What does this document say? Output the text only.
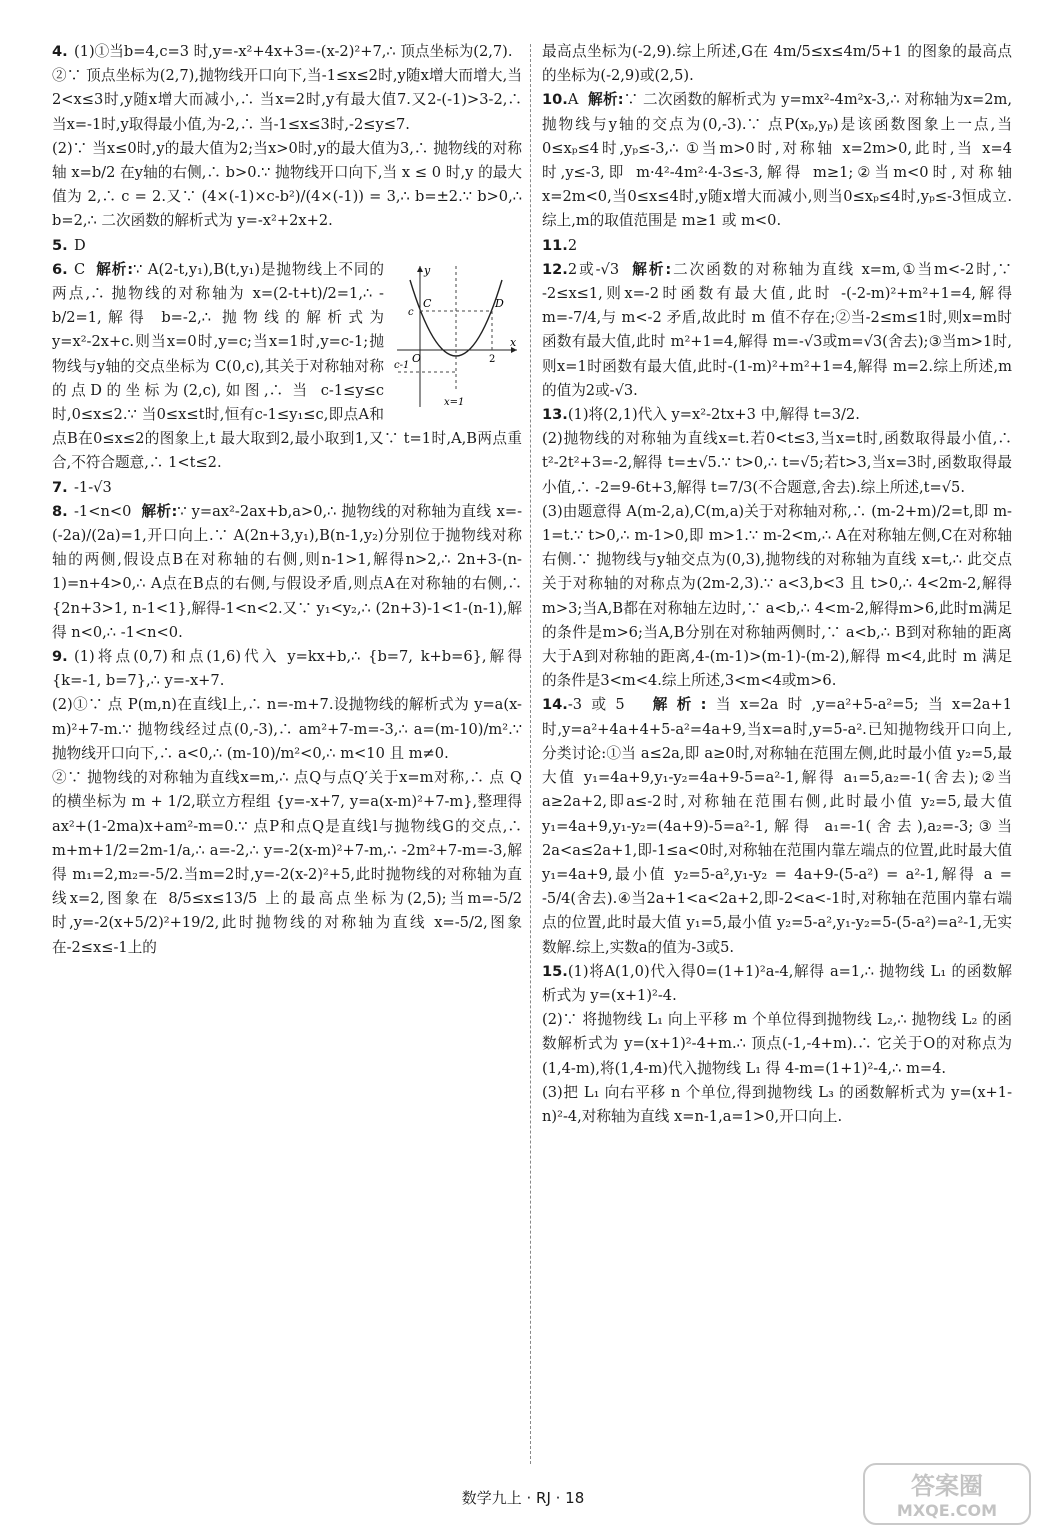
4. (1)①当b=4,c=3 时,y=-x²+4x+3=-(x-2)²+7,∴ 顶点坐标为(2,7).
②∵ 顶点坐标为(2,7),抛物线开口向下,当-1≤x≤2时,y随x增大而增大,当2<x≤3时,y随x增大而减小,∴ 当x=2时,y有最大值7.又2-(-1)>3-2,∴ 当x=-1时,y取得最小值,为-2,∴ 当-1≤x≤3时,-2≤y≤7.
(2)∵ 当x≤0时,y的最大值为2;当x>0时,y的最大值为3,∴ 抛物线的对称轴 x=b/2 在y轴的右侧,∴ b>0.∵ 抛物线开口向下,当 x ≤ 0 时,y 的最大值为 2,∴ c = 2.又∵ (4×(-1)×c-b²)/(4×(-1)) = 3,∴ b=±2.∵ b>0,∴ b=2,∴ 二次函数的解析式为 y=-x²+2x+2.
5. D
y
x
C	D
c
c-1
O	2
x=1
6. C 解析:∵ A(2-t,y₁),B(t,y₁)是抛物线上不同的两点,∴ 抛物线的对称轴为 x=(2-t+t)/2=1,∴ -b/2=1,解得 b=-2,∴ 抛物线的解析式为 y=x²-2x+c.则当x=0时,y=c;当x=1时,y=c-1;抛物线与y轴的交点坐标为 C(0,c),其关于对称轴对称的点D的坐标为(2,c),如图,∴ 当 c-1≤y≤c 时,0≤x≤2.∵ 当0≤x≤t时,恒有c-1≤y₁≤c,即点A和点B在0≤x≤2的图象上,t 最大取到2,最小取到1,又∵ t=1时,A,B两点重合,不符合题意,∴ 1<t≤2.
7. -1-√3
8. -1<n<0 解析:∵ y=ax²-2ax+b,a>0,∴ 抛物线的对称轴为直线 x=-(-2a)/(2a)=1,开口向上.∵ A(2n+3,y₁),B(n-1,y₂)分别位于抛物线对称轴的两侧,假设点B在对称轴的右侧,则n-1>1,解得n>2,∴ 2n+3-(n-1)=n+4>0,∴ A点在B点的右侧,与假设矛盾,则点A在对称轴的右侧,∴ {2n+3>1, n-1<1},解得-1<n<2.又∵ y₁<y₂,∴ (2n+3)-1<1-(n-1),解得 n<0,∴ -1<n<0.
9. (1)将点(0,7)和点(1,6)代入 y=kx+b,∴ {b=7, k+b=6},解得 {k=-1, b=7},∴ y=-x+7.
(2)①∵ 点 P(m,n)在直线l上,∴ n=-m+7.设抛物线的解析式为 y=a(x-m)²+7-m.∵ 抛物线经过点(0,-3),∴ am²+7-m=-3,∴ a=(m-10)/m².∵ 抛物线开口向下,∴ a<0,∴ (m-10)/m²<0,∴ m<10 且 m≠0.
②∵ 抛物线的对称轴为直线x=m,∴ 点Q与点Q′关于x=m对称,∴ 点 Q 的横坐标为 m + 1/2,联立方程组 {y=-x+7, y=a(x-m)²+7-m},整理得 ax²+(1-2ma)x+am²-m=0.∵ 点P和点Q是直线l与抛物线G的交点,∴ m+m+1/2=2m-1/a,∴ a=-2,∴ y=-2(x-m)²+7-m,∴ -2m²+7-m=-3,解得 m₁=2,m₂=-5/2.当m=2时,y=-2(x-2)²+5,此时抛物线的对称轴为直线x=2,图象在 8/5≤x≤13/5 上的最高点坐标为(2,5);当m=-5/2时,y=-2(x+5/2)²+19/2,此时抛物线的对称轴为直线 x=-5/2,图象在-2≤x≤-1上的
最高点坐标为(-2,9).综上所述,G在 4m/5≤x≤4m/5+1 的图象的最高点的坐标为(-2,9)或(2,5).
10.A 解析:∵ 二次函数的解析式为 y=mx²-4m²x-3,∴ 对称轴为x=2m,抛物线与y轴的交点为(0,-3).∵ 点P(xₚ,yₚ)是该函数图象上一点,当0≤xₚ≤4时,yₚ≤-3,∴ ①当m>0时,对称轴 x=2m>0,此时,当 x=4 时,y≤-3,即 m·4²-4m²·4-3≤-3,解得 m≥1;②当m<0时,对称轴 x=2m<0,当0≤x≤4时,y随x增大而减小,则当0≤xₚ≤4时,yₚ≤-3恒成立.综上,m的取值范围是 m≥1 或 m<0.
11.2
12.2或-√3 解析:二次函数的对称轴为直线 x=m,①当m<-2时,∵ -2≤x≤1,则x=-2时函数有最大值,此时 -(-2-m)²+m²+1=4,解得 m=-7/4,与 m<-2 矛盾,故此时 m 值不存在;②当-2≤m≤1时,则x=m时函数有最大值,此时 m²+1=4,解得 m=-√3或m=√3(舍去);③当m>1时,则x=1时函数有最大值,此时-(1-m)²+m²+1=4,解得 m=2.综上所述,m的值为2或-√3.
13.(1)将(2,1)代入 y=x²-2tx+3 中,解得 t=3/2.
(2)抛物线的对称轴为直线x=t.若0<t≤3,当x=t时,函数取得最小值,∴ t²-2t²+3=-2,解得 t=±√5.∵ t>0,∴ t=√5;若t>3,当x=3时,函数取得最小值,∴ -2=9-6t+3,解得 t=7/3(不合题意,舍去).综上所述,t=√5.
(3)由题意得 A(m-2,a),C(m,a)关于对称轴对称,∴ (m-2+m)/2=t,即 m-1=t.∵ t>0,∴ m-1>0,即 m>1.∵ m-2<m,∴ A在对称轴左侧,C在对称轴右侧.∵ 抛物线与y轴交点为(0,3),抛物线的对称轴为直线 x=t,∴ 此交点关于对称轴的对称点为(2m-2,3).∵ a<3,b<3 且 t>0,∴ 4<2m-2,解得 m>3;当A,B都在对称轴左边时,∵ a<b,∴ 4<m-2,解得m>6,此时m满足的条件是m>6;当A,B分别在对称轴两侧时,∵ a<b,∴ B到对称轴的距离大于A到对称轴的距离,4-(m-1)>(m-1)-(m-2),解得 m<4,此时 m 满足的条件是3<m<4.综上所述,3<m<4或m>6.
14.-3或5 解析:当x=2a时,y=a²+5-a²=5;当x=2a+1时,y=a²+4a+4+5-a²=4a+9,当x=a时,y=5-a².已知抛物线开口向上,分类讨论:①当 a≤2a,即 a≥0时,对称轴在范围左侧,此时最小值 y₂=5,最大值 y₁=4a+9,y₁-y₂=4a+9-5=a²-1,解得 a₁=5,a₂=-1(舍去);②当 a≥2a+2,即a≤-2时,对称轴在范围右侧,此时最小值 y₂=5,最大值 y₁=4a+9,y₁-y₂=(4a+9)-5=a²-1,解得 a₁=-1(舍去),a₂=-3;③当2a<a≤2a+1,即-1≤a<0时,对称轴在范围内靠左端点的位置,此时最大值 y₁=4a+9,最小值 y₂=5-a²,y₁-y₂ = 4a+9-(5-a²) = a²-1,解得 a = -5/4(舍去).④当2a+1<a<2a+2,即-2<a<-1时,对称轴在范围内靠右端点的位置,此时最大值 y₁=5,最小值 y₂=5-a²,y₁-y₂=5-(5-a²)=a²-1,无实数解.综上,实数a的值为-3或5.
15.(1)将A(1,0)代入得0=(1+1)²a-4,解得 a=1,∴ 抛物线 L₁ 的函数解析式为 y=(x+1)²-4.
(2)∵ 将抛物线 L₁ 向上平移 m 个单位得到抛物线 L₂,∴ 抛物线 L₂ 的函数解析式为 y=(x+1)²-4+m.∴ 顶点(-1,-4+m).∴ 它关于O的对称点为(1,4-m),将(1,4-m)代入抛物线 L₁ 得 4-m=(1+1)²-4,∴ m=4.
(3)把 L₁ 向右平移 n 个单位,得到抛物线 L₃ 的函数解析式为 y=(x+1-n)²-4,对称轴为直线 x=n-1,a=1>0,开口向上.
数学九上 · RJ · 18	答案圈
MXQE.COM
